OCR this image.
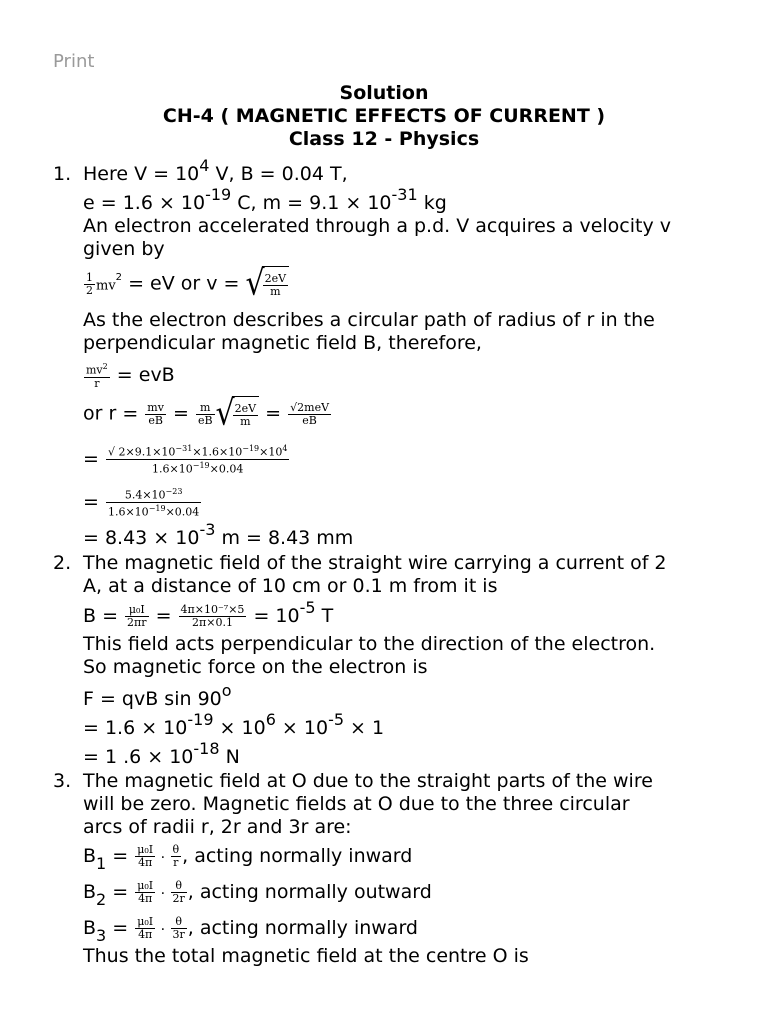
Print
Solution
CH-4 ( MAGNETIC EFFECTS OF CURRENT )
Class 12 - Physics
1. Here $V = 10^4$ V, B = 0.04 T,
$e = 1.6 \times 10^{-19}$ C, $m = 9.1 \times 10^{-31}$ kg
An electron accelerated through a p.d. V acquires a velocity v
given by
$\frac{1}{2} mv^2$ = eV or v = √
$\frac{2eV}{m}$
As the electron describes a circular path of radius of r in the
perpendicular magnetic field B, therefore,
$\frac{mv^2}{r}$ = evB
or $r = \frac{mv}{eB} = \frac{m}{eB}$ √
$\frac{2eV}{m} = \frac{\text{√2meV}}{eB}$
= $\frac{√ 2\times 9.1\times 10^{-31}\times 1.6\times 10^{-19}\times 10^4}{1.6\times 10^{-19}\times 0.04}$
= $\frac{5.4\times 10^{-23}}{1.6\times 10^{-19}\times 0.04}$
= $8.43 \times 10^{-3}$ m = 8.43 mm
2. The magnetic field of the straight wire carrying a current of 2
A, at a distance of 10 cm or 0.1 m from it is
$B = \frac{\text{μ₀I}}{2\pi r} = \frac{\text{4π×10⁻⁷×5}}{2\pi\times 0.1} = 10^{-5}$ T
This field acts perpendicular to the direction of the electron.
So magnetic force on the electron is
F = qvB $\sin 90^o$
= $1.6 \times 10^{-19} \times 10^6 \times 10^{-5} \times 1$
= 1 $.6 \times 10^{-18}$ N
3. The magnetic field at O due to the straight parts of the wire
will be zero. Magnetic fields at O due to the three circular
arcs of radii r, 2r and 3r are:
$B_1 = \frac{\text{μ₀I}}{4\pi} \cdot \frac{\theta}{r}$ , acting normally inward
$B_2 = \frac{\text{μ₀I}}{4\pi} \cdot \frac{\theta}{2r}$ , acting normally outward
$B_3 = \frac{\text{μ₀I}}{4\pi} \cdot \frac{\theta}{3r}$ , acting normally inward
Thus the total magnetic field at the centre O is
